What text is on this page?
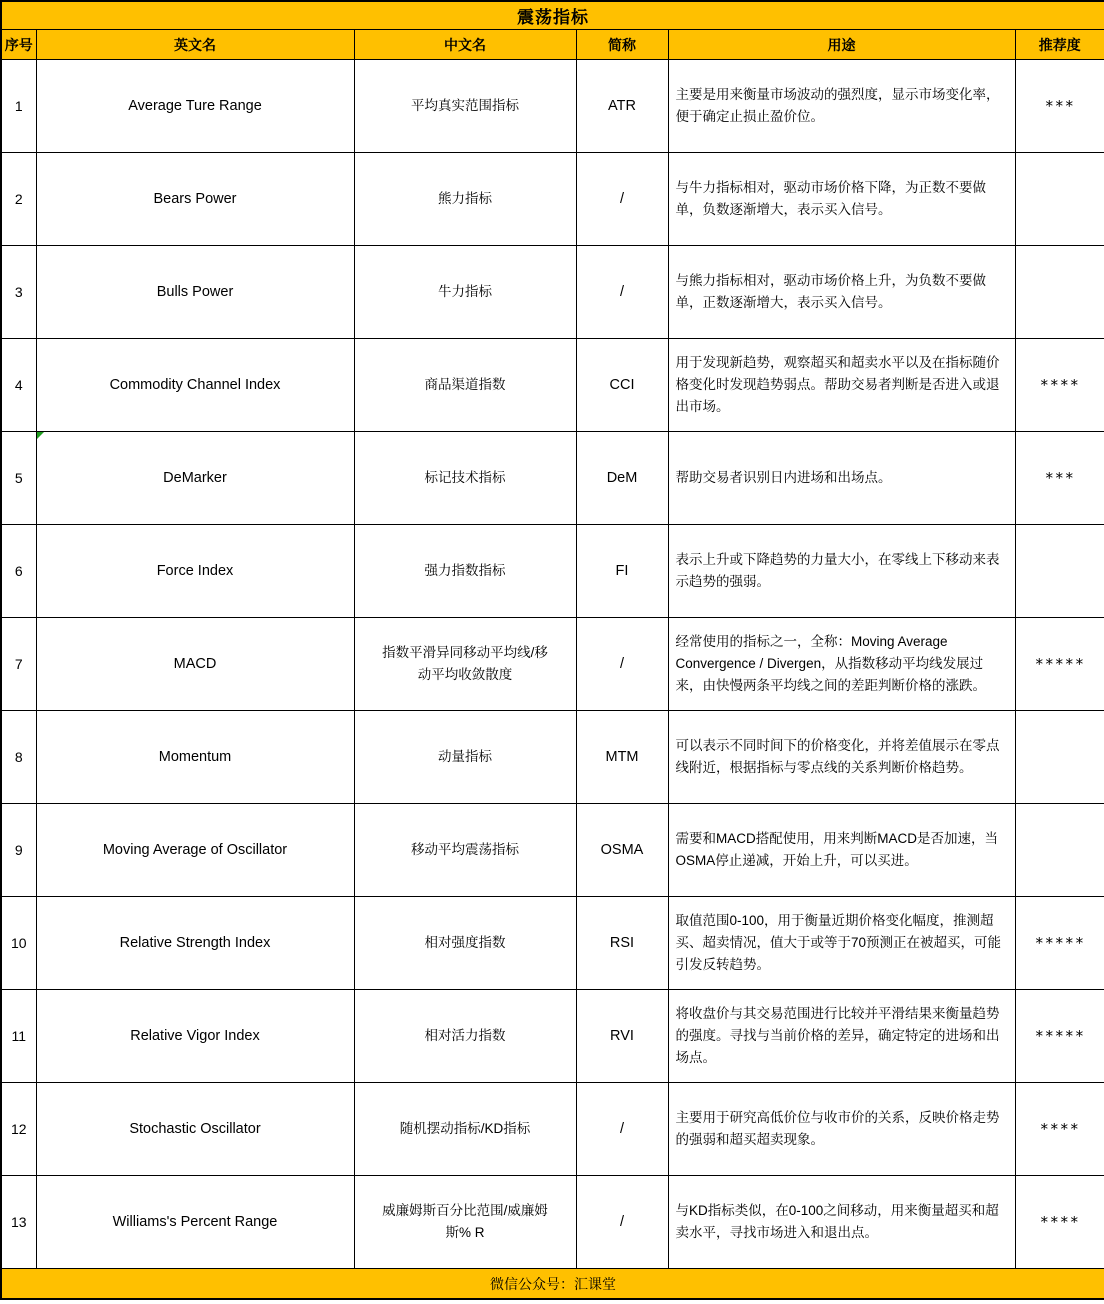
震荡指标					
序号	英文名	中文名	简称	用途	推荐度
1	Average Ture Range	平均真实范围指标	ATR	主要是用来衡量市场波动的强烈度，显示市场变化率，便于确定止损止盈价位。	***
2	Bears Power	熊力指标	/	与牛力指标相对，驱动市场价格下降，为正数不要做单，负数逐渐增大，表示买入信号。	
3	Bulls Power	牛力指标	/	与熊力指标相对，驱动市场价格上升，为负数不要做单，正数逐渐增大，表示买入信号。	
4	Commodity Channel Index	商品渠道指数	CCI	用于发现新趋势，观察超买和超卖水平以及在指标随价格变化时发现趋势弱点。帮助交易者判断是否进入或退出市场。	****
5	DeMarker	标记技术指标	DeM	帮助交易者识别日内进场和出场点。	***
6	Force Index	强力指数指标	FI	表示上升或下降趋势的力量大小，在零线上下移动来表示趋势的强弱。	
7	MACD	指数平滑异同移动平均线/移动平均收敛散度	/	经常使用的指标之一，全称：Moving Average Convergence / Divergen，从指数移动平均线发展过来，由快慢两条平均线之间的差距判断价格的涨跌。	*****
8	Momentum	动量指标	MTM	可以表示不同时间下的价格变化，并将差值展示在零点线附近，根据指标与零点线的关系判断价格趋势。	
9	Moving Average of Oscillator	移动平均震荡指标	OSMA	需要和MACD搭配使用，用来判断MACD是否加速，当OSMA停止递减，开始上升，可以买进。	
10	Relative Strength Index	相对强度指数	RSI	取值范围0-100，用于衡量近期价格变化幅度，推测超买、超卖情况，值大于或等于70预测正在被超买，可能引发反转趋势。	*****
11	Relative Vigor Index	相对活力指数	RVI	将收盘价与其交易范围进行比较并平滑结果来衡量趋势的强度。寻找与当前价格的差异，确定特定的进场和出场点。	*****
12	Stochastic Oscillator	随机摆动指标/KD指标	/	主要用于研究高低价位与收市价的关系，反映价格走势的强弱和超买超卖现象。	****
13	Williams's Percent Range	威廉姆斯百分比范围/威廉姆斯% R	/	与KD指标类似，在0-100之间移动，用来衡量超买和超卖水平，寻找市场进入和退出点。	****
微信公众号：汇课堂					
